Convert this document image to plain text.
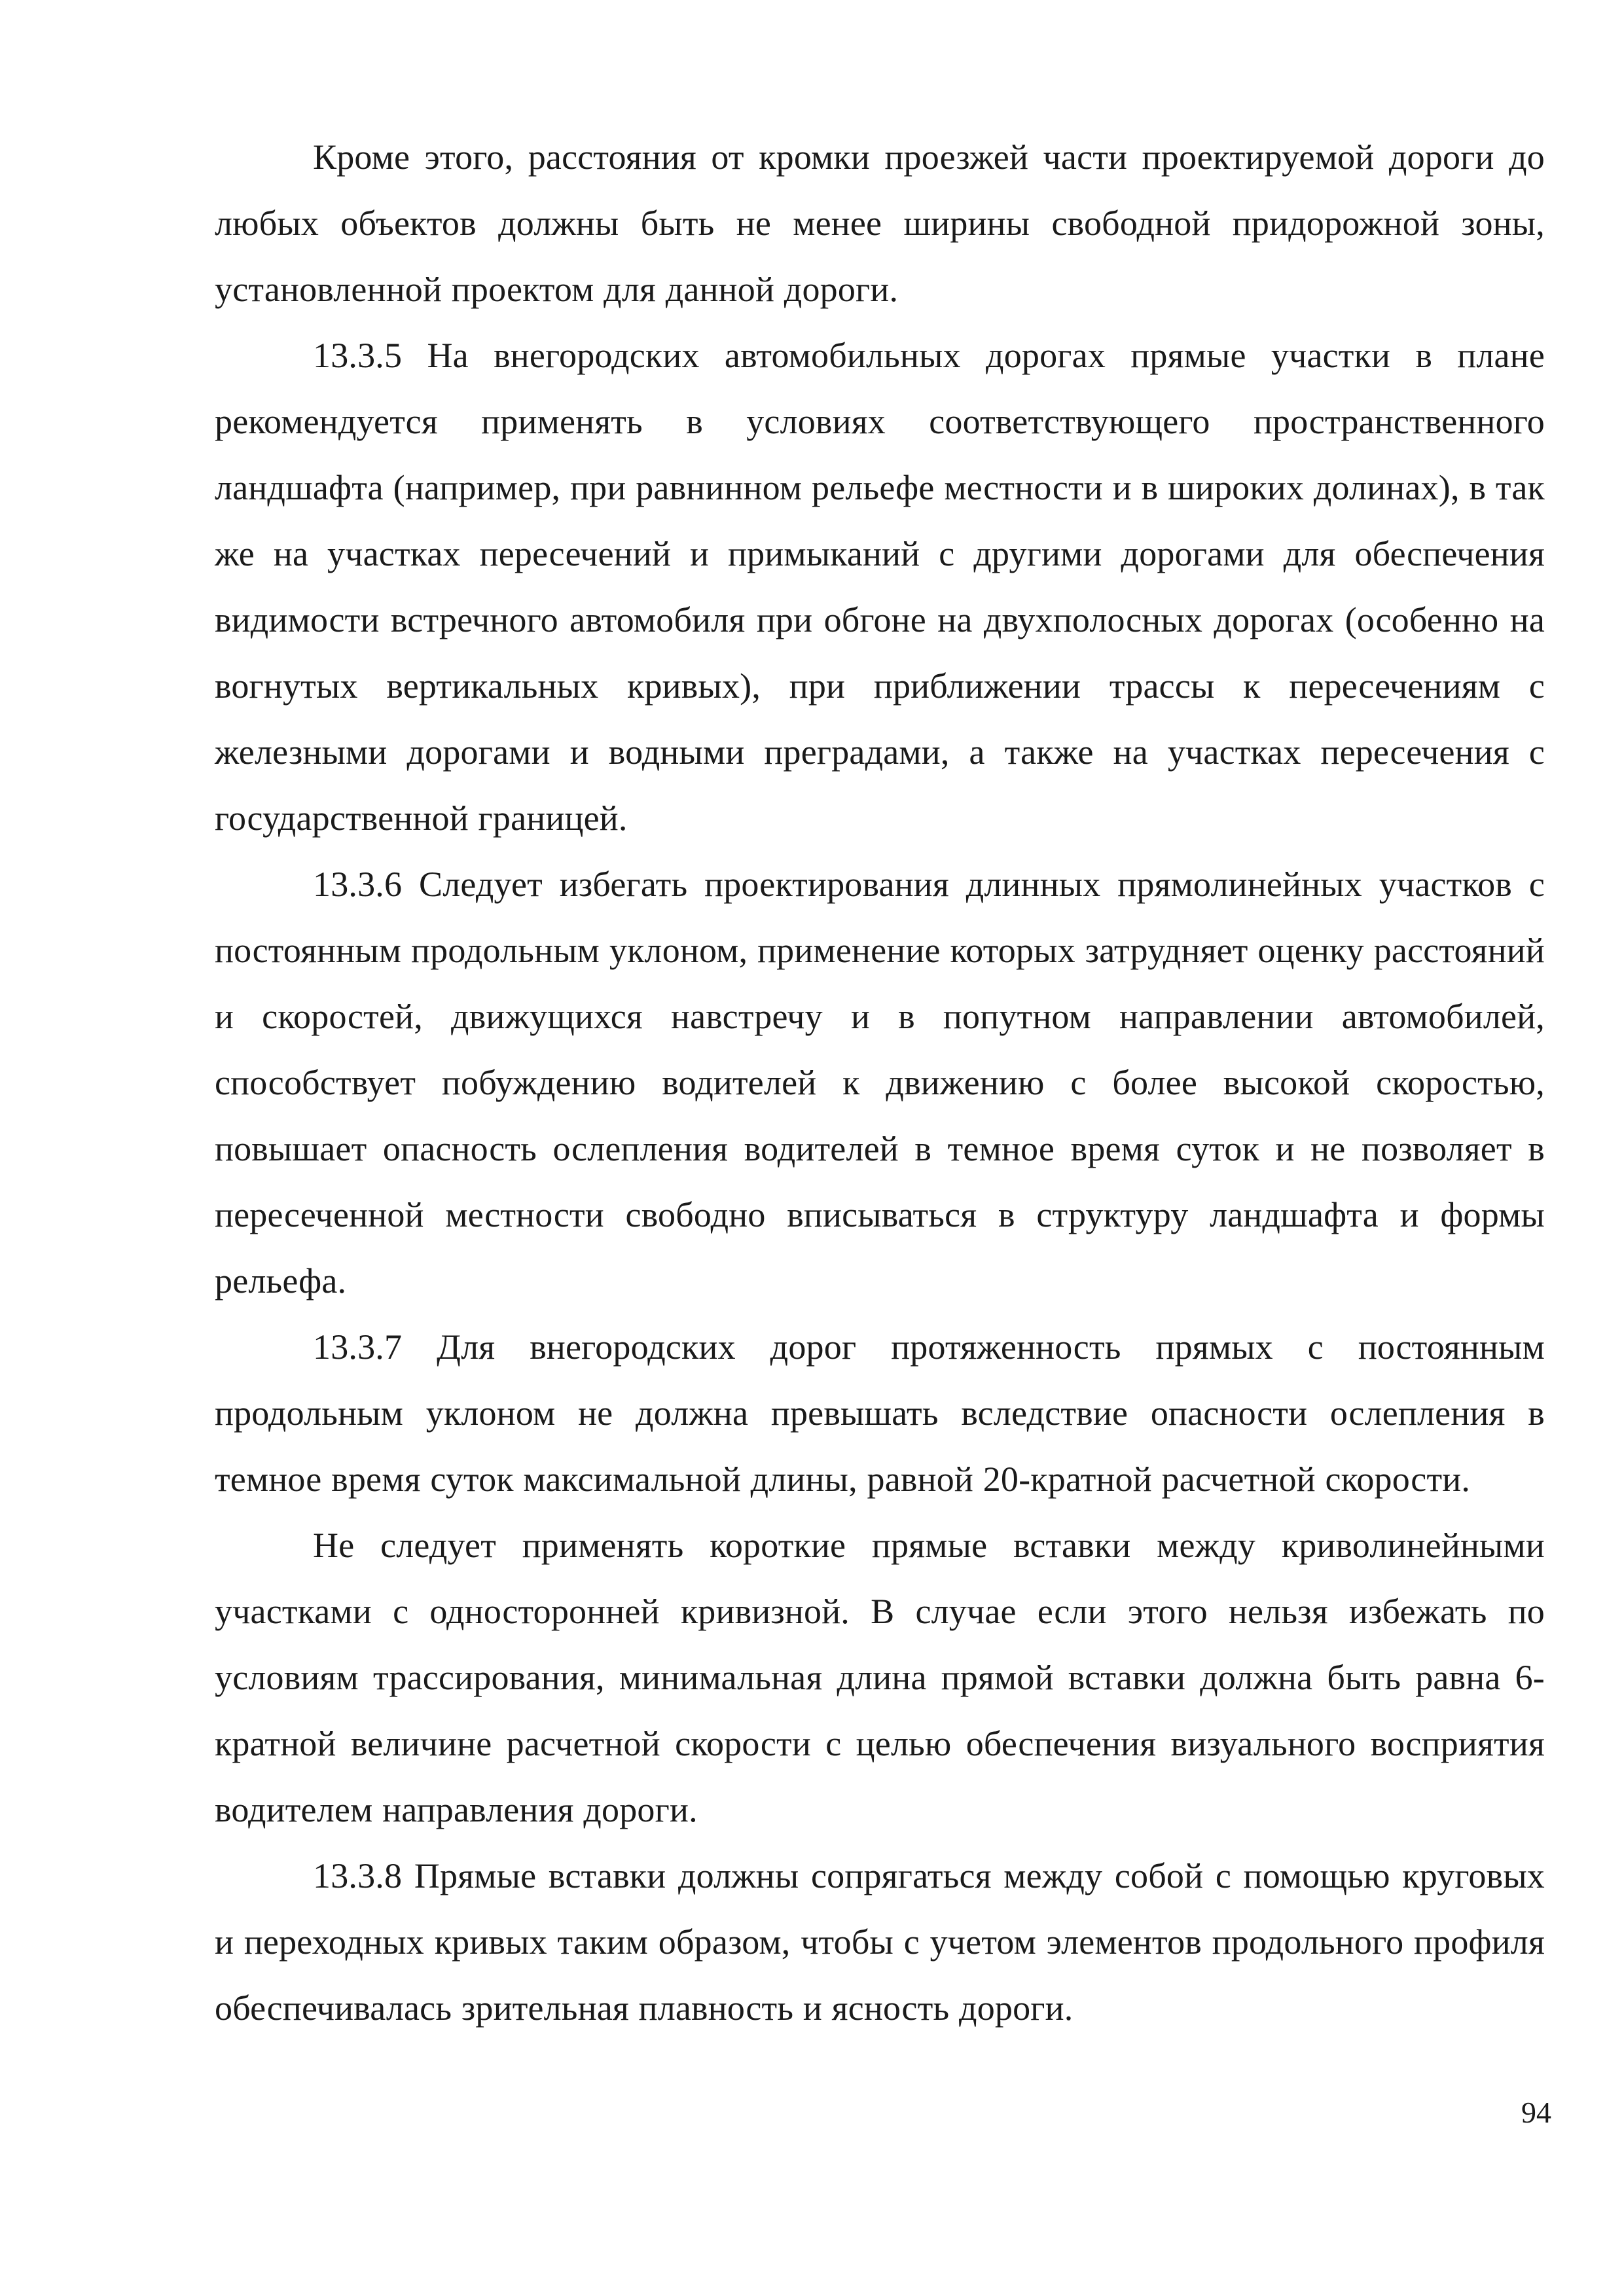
Кроме этого, расстояния от кромки проезжей части проектируемой дороги до любых объектов должны быть не менее ширины свободной придорожной зоны, установленной проектом для данной дороги.

13.3.5 На внегородских автомобильных дорогах прямые участки в плане рекомендуется применять в условиях соответствующего пространственного ландшафта (например, при равнинном рельефе местности и в широких долинах), в так же на участках пересечений и примыканий с другими дорогами для обеспечения видимости встречного автомобиля при обгоне на двухполосных дорогах (особенно на вогнутых вертикальных кривых), при приближении трассы к пересечениям с железными дорогами и водными преградами, а также на участках пересечения с государственной границей.

13.3.6 Следует избегать проектирования длинных прямолинейных участков с постоянным продольным уклоном, применение которых затрудняет оценку расстояний и скоростей, движущихся навстречу и в попутном направлении автомобилей, способствует побуждению водителей к движению с более высокой скоростью, повышает опасность ослепления водителей в темное время суток и не позволяет в пересеченной местности свободно вписываться в структуру ландшафта и формы рельефа.

13.3.7 Для внегородских дорог протяженность прямых с постоянным продольным уклоном не должна превышать вследствие опасности ослепления в темное время суток максимальной длины, равной 20-кратной расчетной скорости.

Не следует применять короткие прямые вставки между криволинейными участками с односторонней кривизной. В случае если этого нельзя избежать по условиям трассирования, минимальная длина прямой вставки должна быть равна 6-кратной величине расчетной скорости с целью обеспечения визуального восприятия водителем направления дороги.

13.3.8 Прямые вставки должны сопрягаться между собой с помощью круговых и переходных кривых таким образом, чтобы с учетом элементов продольного профиля обеспечивалась зрительная плавность и ясность дороги.

94
